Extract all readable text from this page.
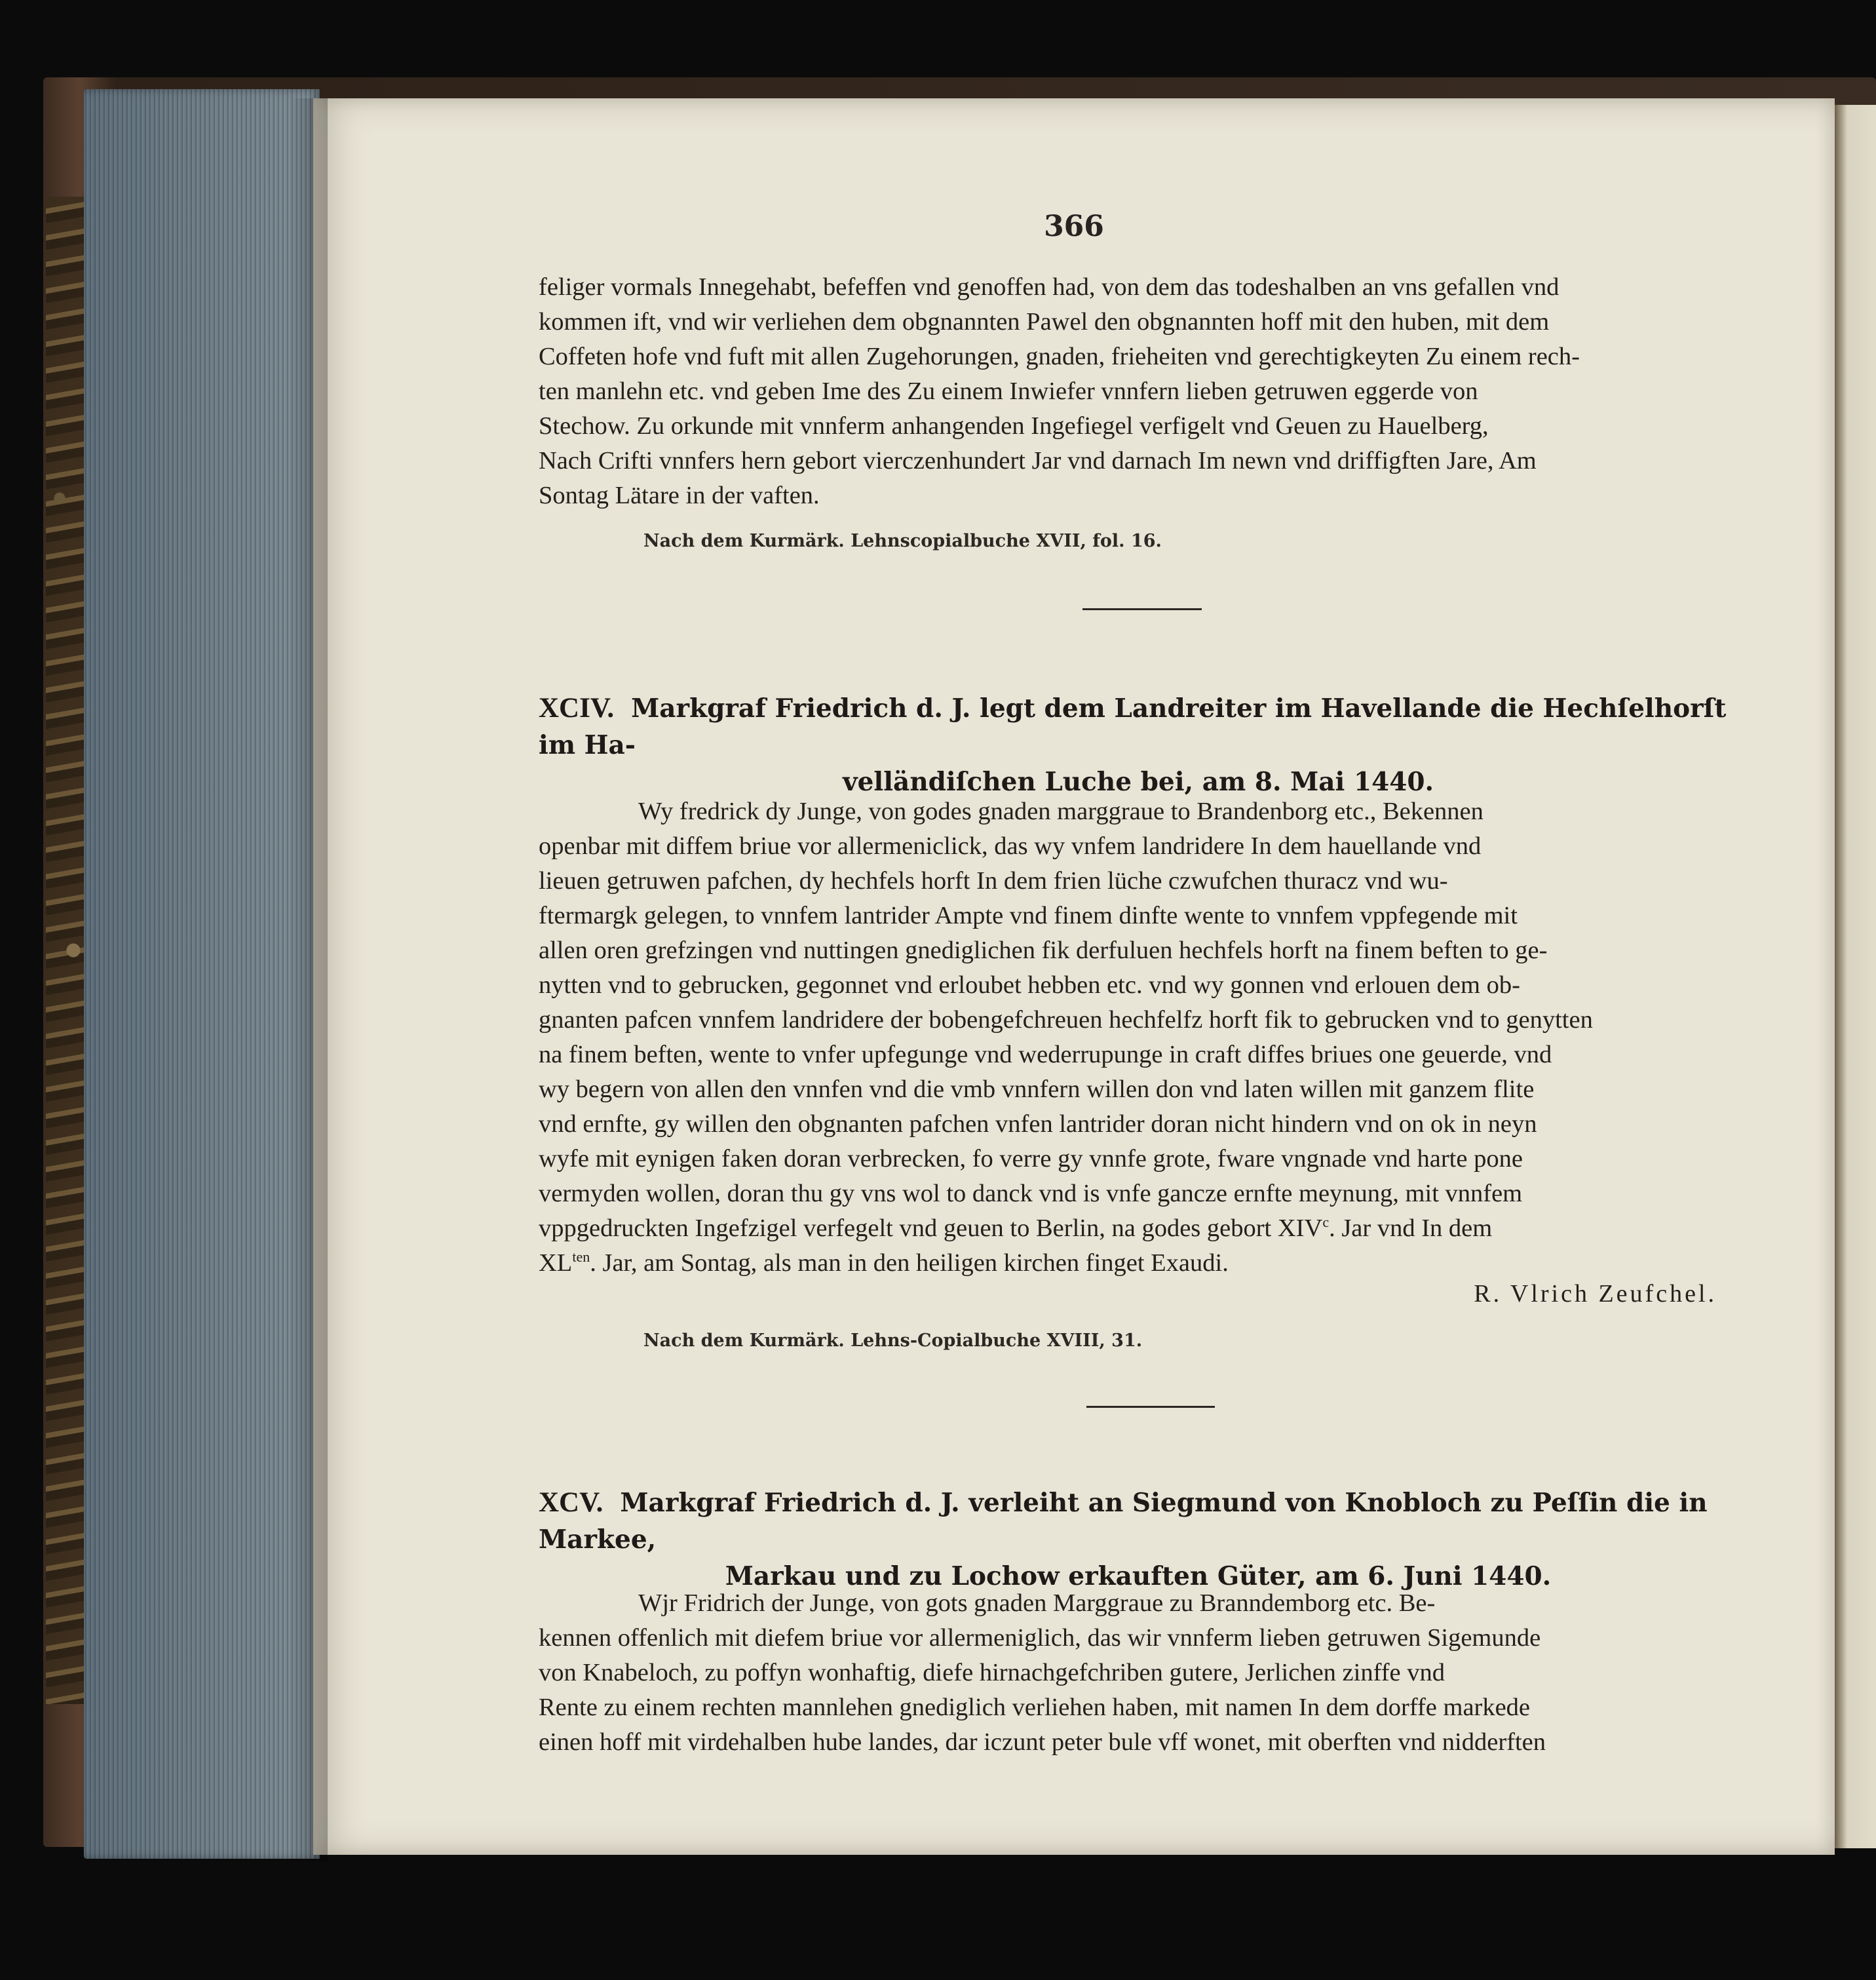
366

feliger vormals Innegehabt, befeffen vnd genoffen had, von dem das todeshalben an vns gefallen vnd

kommen ift, vnd wir verliehen dem obgnannten Pawel den obgnannten hoff mit den huben, mit dem

Coffeten hofe vnd fuft mit allen Zugehorungen, gnaden, frieheiten vnd gerechtigkeyten Zu einem rech-

ten manlehn etc. vnd geben Ime des Zu einem Inwiefer vnnfern lieben getruwen eggerde von

Stechow. Zu orkunde mit vnnferm anhangenden Ingefiegel verfigelt vnd Geuen zu Hauelberg,

Nach Crifti vnnfers hern gebort vierczenhundert Jar vnd darnach Im newn vnd driffigften Jare, Am

Sontag Lätare in der vaften.

Nach dem Kurmärk. Lehnscopialbuche XVII, fol. 16.
XCIV. Markgraf Friedrich d. J. legt dem Landreiter im Havellande die Hechſelhorſt im Ha-
velländiſchen Luche bei, am 8. Mai 1440.

Wy fredrick dy Junge, von godes gnaden marggraue to Brandenborg etc., Bekennen

openbar mit diffem briue vor allermeniclick, das wy vnfem landridere In dem hauellande vnd

lieuen getruwen pafchen, dy hechfels horft In dem frien lüche czwufchen thuracz vnd wu-

ftermargk gelegen, to vnnfem lantrider Ampte vnd finem dinfte wente to vnnfem vppfegende mit

allen oren grefzingen vnd nuttingen gnediglichen fik derfuluen hechfels horft na finem beften to ge-

nytten vnd to gebrucken, gegonnet vnd erloubet hebben etc. vnd wy gonnen vnd erlouen dem ob-

gnanten pafcen vnnfem landridere der bobengefchreuen hechfelfz horft fik to gebrucken vnd to genytten

na finem beften, wente to vnfer upfegunge vnd wederrupunge in craft diffes briues one geuerde, vnd

wy begern von allen den vnnfen vnd die vmb vnnfern willen don vnd laten willen mit ganzem flite

vnd ernfte, gy willen den obgnanten pafchen vnfen lantrider doran nicht hindern vnd on ok in neyn

wyfe mit eynigen faken doran verbrecken, fo verre gy vnnfe grote, fware vngnade vnd harte pone

vermyden wollen, doran thu gy vns wol to danck vnd is vnfe gancze ernfte meynung, mit vnnfem

vppgedruckten Ingefzigel verfegelt vnd geuen to Berlin, na godes gebort XIV$^c$. Jar vnd In dem

$XL^{ten}$. Jar, am Sontag, als man in den heiligen kirchen finget Exaudi.

R. Vlrich Zeufchel.
Nach dem Kurmärk. Lehns-Copialbuche XVIII, 31.
XCV. Markgraf Friedrich d. J. verleiht an Siegmund von Knobloch zu Peſſin die in Markee,
Markau und zu Lochow erkauften Güter, am 6. Juni 1440.

Wjr Fridrich der Junge, von gots gnaden Marggraue zu Branndemborg etc. Be-

kennen offenlich mit diefem briue vor allermeniglich, das wir vnnferm lieben getruwen Sigemunde

von Knabeloch, zu poffyn wonhaftig, diefe hirnachgefchriben gutere, Jerlichen zinffe vnd

Rente zu einem rechten mannlehen gnediglich verliehen haben, mit namen In dem dorffe markede

einen hoff mit virdehalben hube landes, dar iczunt peter bule vff wonet, mit oberften vnd nidderften
